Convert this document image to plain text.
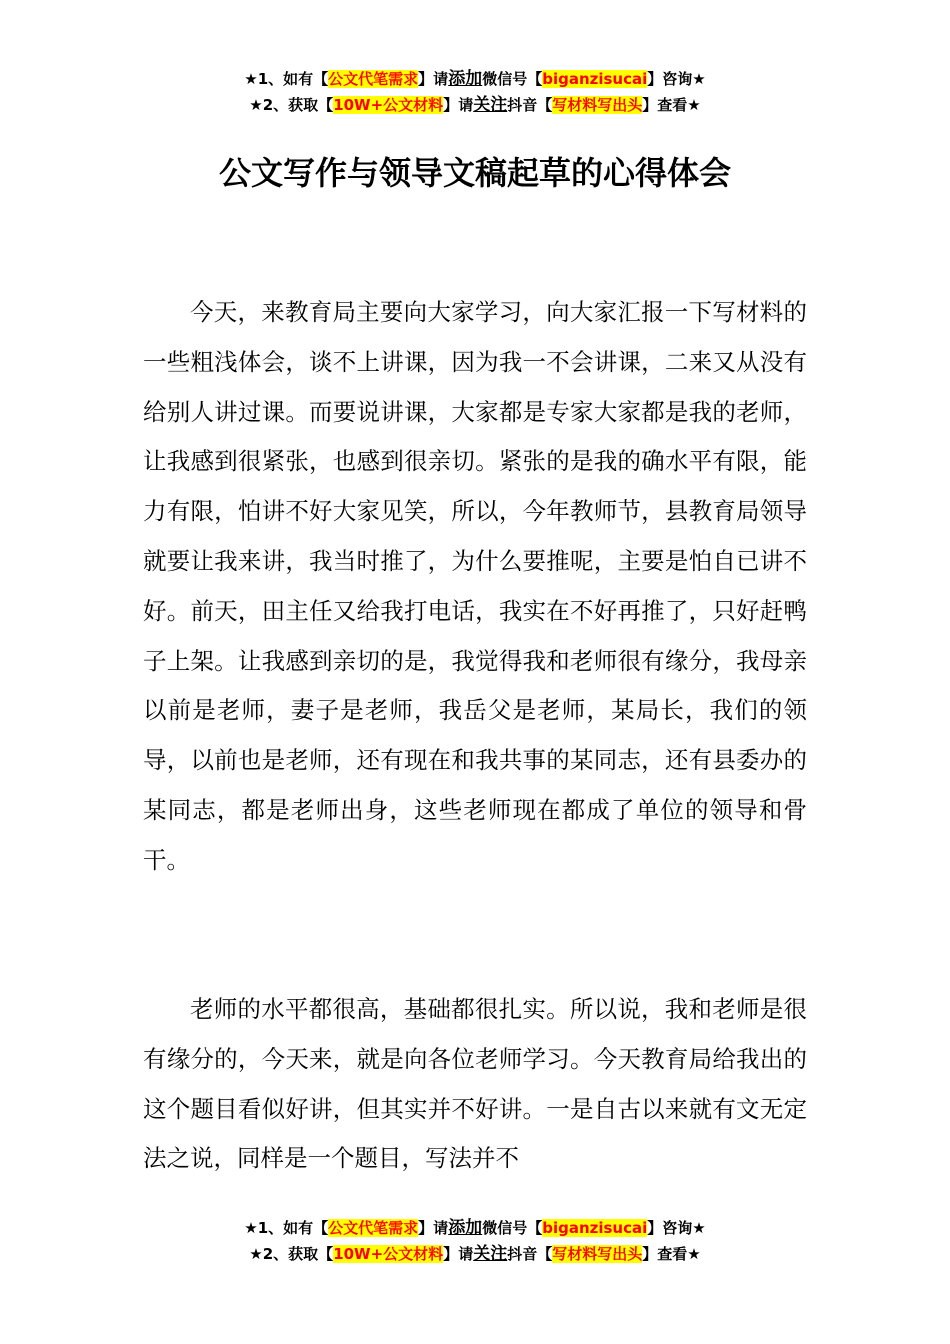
★1、如有【公文代笔需求】请添加微信号【biganzisucai】咨询★
★2、获取【10W+公文材料】请关注抖音【写材料写出头】查看★
公文写作与领导文稿起草的心得体会

今天，来教育局主要向大家学习，向大家汇报一下写材料的一些粗浅体会，谈不上讲课，因为我一不会讲课，二来又从没有给别人讲过课。而要说讲课，大家都是专家大家都是我的老师，让我感到很紧张，也感到很亲切。紧张的是我的确水平有限，能力有限，怕讲不好大家见笑，所以，今年教师节，县教育局领导就要让我来讲，我当时推了，为什么要推呢，主要是怕自已讲不好。前天，田主任又给我打电话，我实在不好再推了，只好赶鸭子上架。让我感到亲切的是，我觉得我和老师很有缘分，我母亲以前是老师，妻子是老师，我岳父是老师，某局长，我们的领导，以前也是老师，还有现在和我共事的某同志，还有县委办的某同志，都是老师出身，这些老师现在都成了单位的领导和骨干。

老师的水平都很高，基础都很扎实。所以说，我和老师是很有缘分的，今天来，就是向各位老师学习。今天教育局给我出的这个题目看似好讲，但其实并不好讲。一是自古以来就有文无定法之说，同样是一个题目，写法并不

★1、如有【公文代笔需求】请添加微信号【biganzisucai】咨询★
★2、获取【10W+公文材料】请关注抖音【写材料写出头】查看★
